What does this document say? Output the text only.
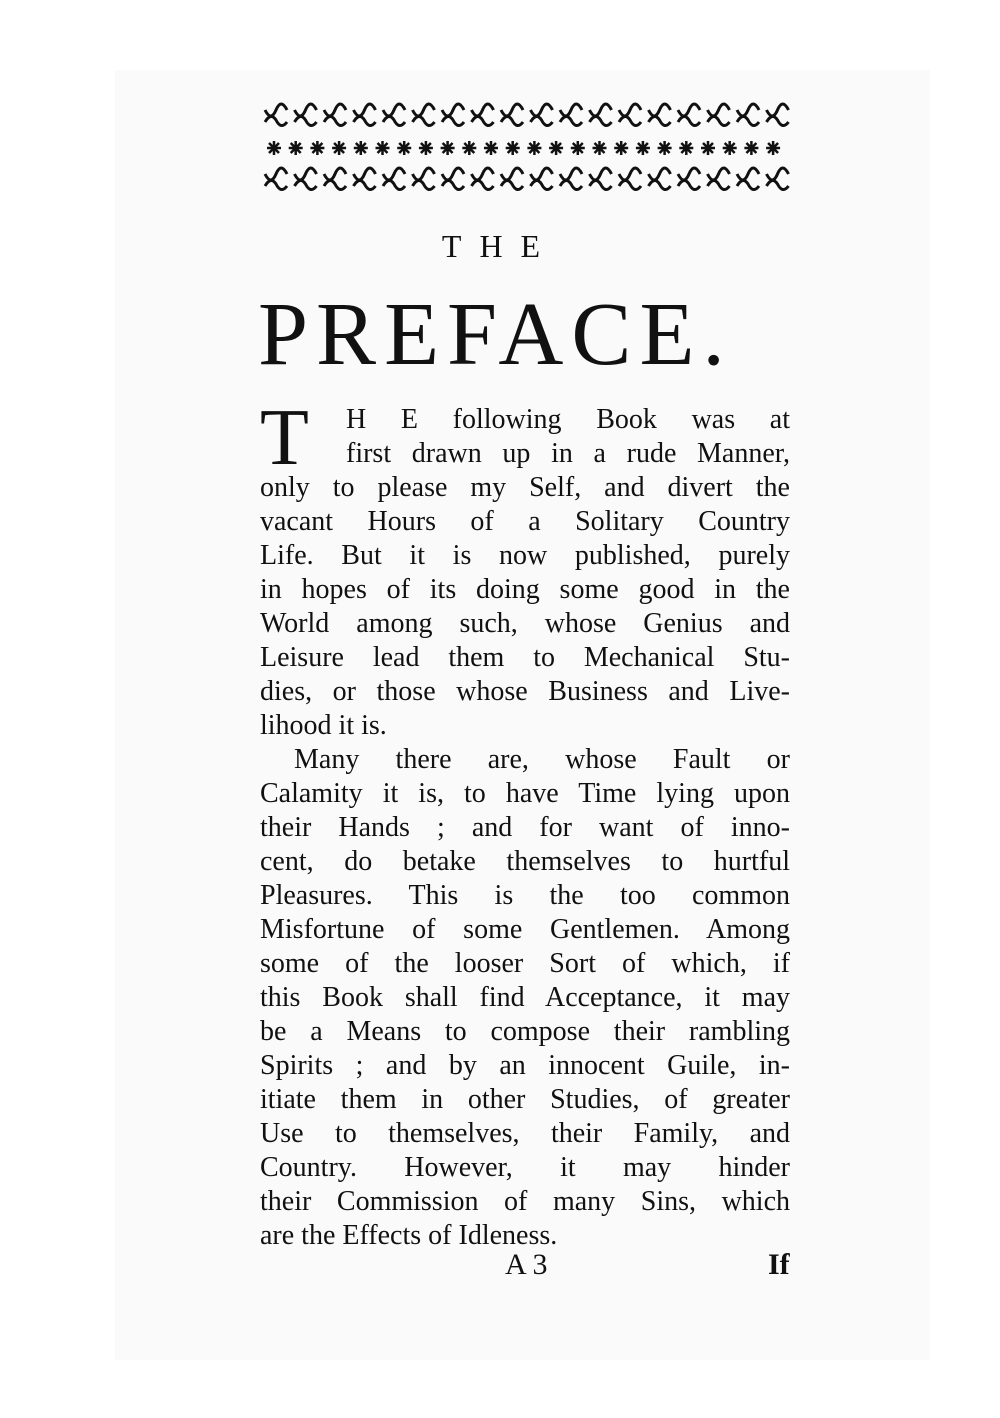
THE
PREFACE.
T	H E following Book was at
first drawn up in a rude Manner,
only to please my Self, and divert the
vacant Hours of a Solitary Country
Life. But it is now published, purely
in hopes of its doing some good in the
World among such, whose Genius and
Leisure lead them to Mechanical Stu-
dies, or those whose Business and Live-
lihood it is.
Many there are, whose Fault or
Calamity it is, to have Time lying upon
their Hands ; and for want of inno-
cent, do betake themselves to hurtful
Pleasures. This is the too common
Misfortune of some Gentlemen. Among
some of the looser Sort of which, if
this Book shall find Acceptance, it may
be a Means to compose their rambling
Spirits ; and by an innocent Guile, in-
itiate them in other Studies, of greater
Use to themselves, their Family, and
Country. However, it may hinder
their Commission of many Sins, which
are the Effects of Idleness.
A 3	If
